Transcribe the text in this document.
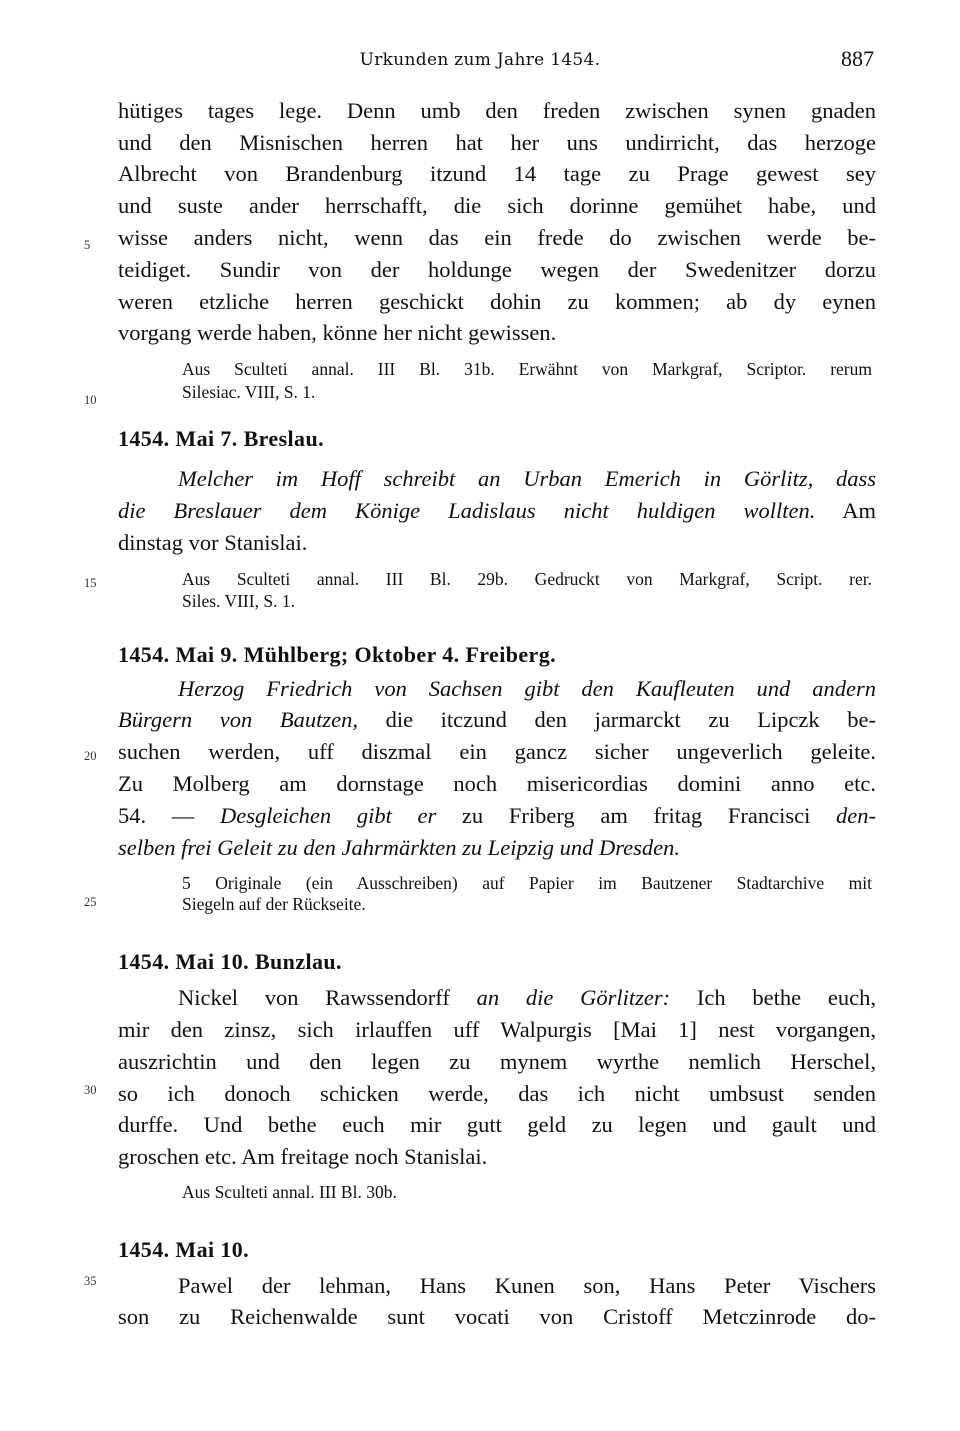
Urkunden zum Jahre 1454.	887
5
10
15
20
25
30
35
hütiges tages lege. Denn umb den freden zwischen synen gnaden
und den Misnischen herren hat her uns undirricht, das herzoge
Albrecht von Brandenburg itzund 14 tage zu Prage gewest sey
und suste ander herrschafft, die sich dorinne gemühet habe, und
wisse anders nicht, wenn das ein frede do zwischen werde be-
teidiget. Sundir von der holdunge wegen der Swedenitzer dorzu
weren etzliche herren geschickt dohin zu kommen; ab dy eynen
vorgang werde haben, könne her nicht gewissen.
Aus Sculteti annal. III Bl. 31b. Erwähnt von Markgraf, Scriptor. rerum
Silesiac. VIII, S. 1.
1454. Mai 7. Breslau.
Melcher im Hoff schreibt an Urban Emerich in Görlitz, dass
die Breslauer dem Könige Ladislaus nicht huldigen wollten. Am
dinstag vor Stanislai.
Aus Sculteti annal. III Bl. 29b. Gedruckt von Markgraf, Script. rer.
Siles. VIII, S. 1.
1454. Mai 9. Mühlberg; Oktober 4. Freiberg.
Herzog Friedrich von Sachsen gibt den Kaufleuten und andern
Bürgern von Bautzen, die itczund den jarmarckt zu Lipczk be-
suchen werden, uff diszmal ein gancz sicher ungeverlich geleite.
Zu Molberg am dornstage noch misericordias domini anno etc.
54. — Desgleichen gibt er zu Friberg am fritag Francisci den-
selben frei Geleit zu den Jahrmärkten zu Leipzig und Dresden.
5 Originale (ein Ausschreiben) auf Papier im Bautzener Stadtarchive mit
Siegeln auf der Rückseite.
1454. Mai 10. Bunzlau.
Nickel von Rawssendorff an die Görlitzer: Ich bethe euch,
mir den zinsz, sich irlauffen uff Walpurgis [Mai 1] nest vorgangen,
auszrichtin und den legen zu mynem wyrthe nemlich Herschel,
so ich donoch schicken werde, das ich nicht umbsust senden
durffe. Und bethe euch mir gutt geld zu legen und gault und
groschen etc. Am freitage noch Stanislai.
Aus Sculteti annal. III Bl. 30b.
1454. Mai 10.
Pawel der lehman, Hans Kunen son, Hans Peter Vischers
son zu Reichenwalde sunt vocati von Cristoff Metczinrode do-
